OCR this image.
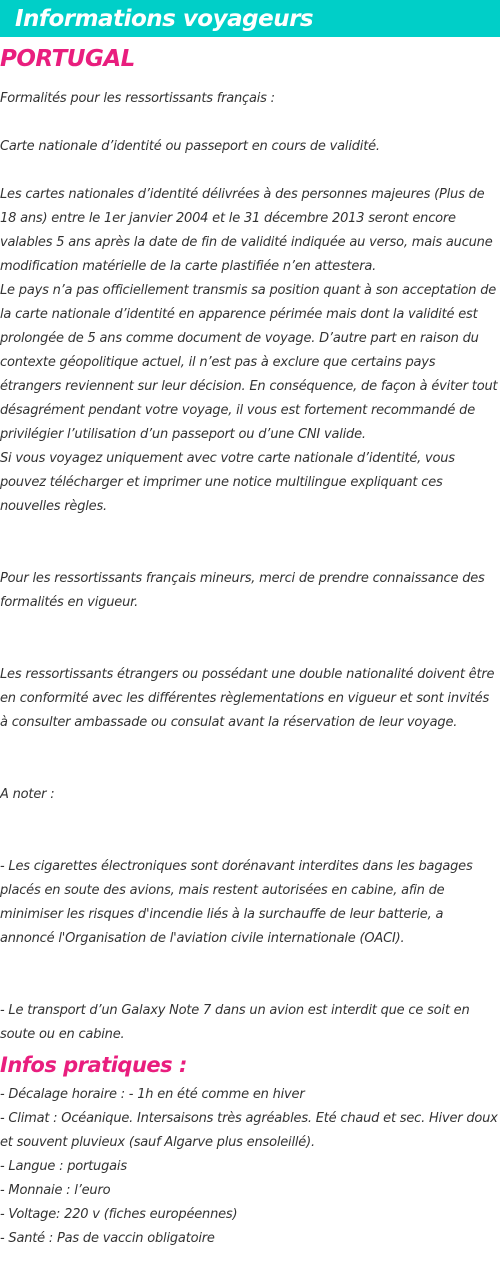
Informations voyageurs
PORTUGAL

Formalités pour les ressortissants français :

Carte nationale d’identité ou passeport en cours de validité.

Les cartes nationales d’identité délivrées à des personnes majeures (Plus de 18 ans) entre le 1er janvier 2004 et le 31 décembre 2013 seront encore valables 5 ans après la date de fin de validité indiquée au verso, mais aucune modification matérielle de la carte plastifiée n’en attestera.

Le pays n’a pas officiellement transmis sa position quant à son acceptation de la carte nationale d’identité en apparence périmée mais dont la validité est prolongée de 5 ans comme document de voyage. D’autre part en raison du contexte géopolitique actuel, il n’est pas à exclure que certains pays étrangers reviennent sur leur décision. En conséquence, de façon à éviter tout désagrément pendant votre voyage, il vous est fortement recommandé de privilégier l’utilisation d’un passeport ou d’une CNI valide.

Si vous voyagez uniquement avec votre carte nationale d’identité, vous pouvez télécharger et imprimer une notice multilingue expliquant ces nouvelles règles.

Pour les ressortissants français mineurs, merci de prendre connaissance des formalités en vigueur.

Les ressortissants étrangers ou possédant une double nationalité doivent être en conformité avec les différentes règlementations en vigueur et sont invités à consulter ambassade ou consulat avant la réservation de leur voyage.

A noter :

- Les cigarettes électroniques sont dorénavant interdites dans les bagages placés en soute des avions, mais restent autorisées en cabine, afin de minimiser les risques d'incendie liés à la surchauffe de leur batterie, a annoncé l'Organisation de l'aviation civile internationale (OACI).

- Le transport d’un Galaxy Note 7 dans un avion est interdit que ce soit en soute ou en cabine.

Infos pratiques :

- Décalage horaire : - 1h en été comme en hiver

- Climat : Océanique. Intersaisons très agréables. Eté chaud et sec. Hiver doux et souvent pluvieux (sauf Algarve plus ensoleillé).

- Langue : portugais

- Monnaie : l’euro

- Voltage: 220 v (fiches européennes)

- Santé : Pas de vaccin obligatoire
